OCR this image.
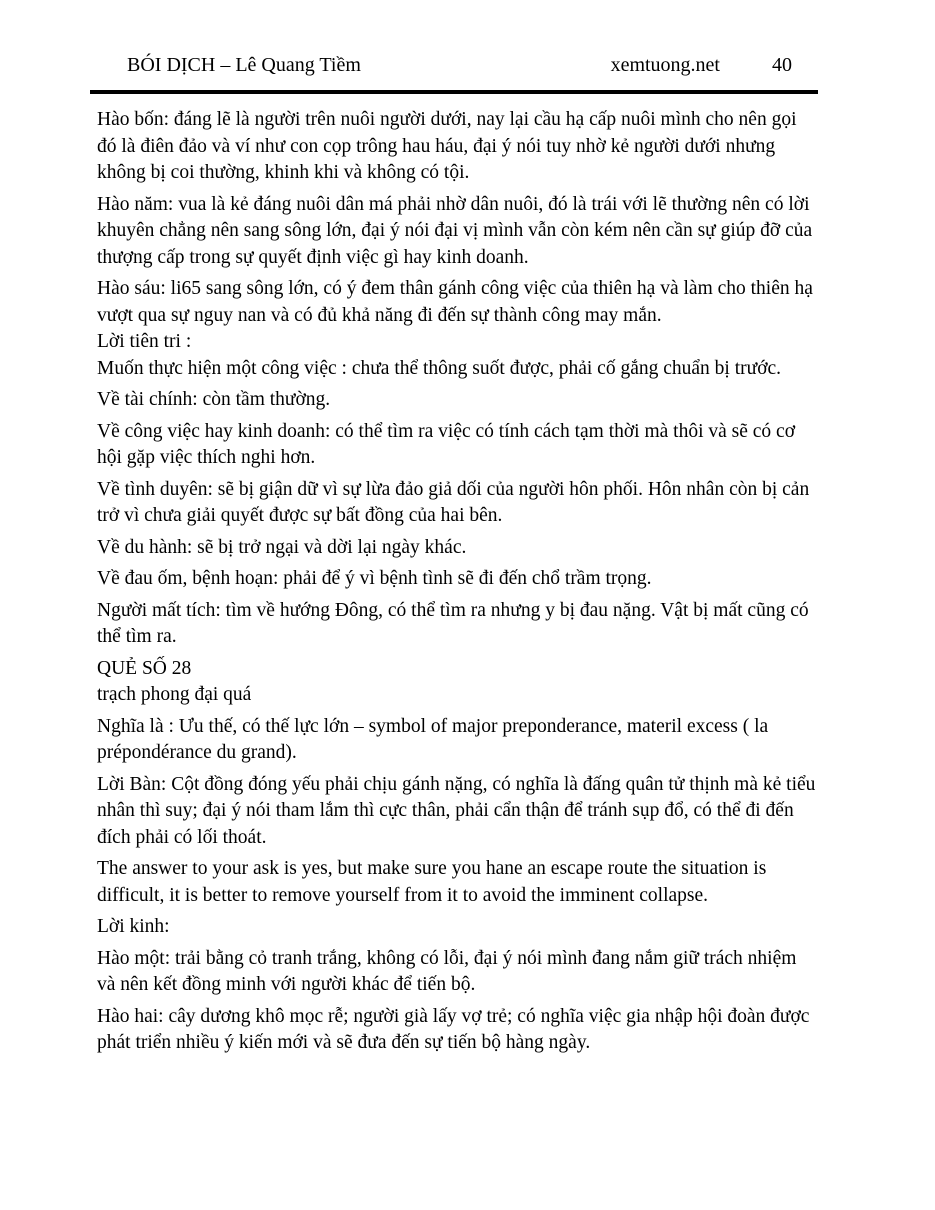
BÓI DỊCH – Lê Quang Tiềm	xemtuong.net	40

Hào bốn: đáng lẽ là người trên nuôi người dưới, nay lại cầu hạ cấp nuôi mình cho nên gọi đó là điên đảo và ví như con cọp trông hau háu, đại ý nói tuy nhờ kẻ người dưới nhưng không bị coi thường, khinh khi và không có tội.

Hào năm: vua là kẻ đáng nuôi dân má phải nhờ dân nuôi, đó là trái với lẽ thường nên có lời khuyên chẳng nên sang sông lớn, đại ý nói đại vị mình vẫn còn kém nên cần sự giúp đỡ của thượng cấp trong sự quyết định việc gì hay kinh doanh.

Hào sáu: li65 sang sông lớn, có ý đem thân gánh công việc của thiên hạ và làm cho thiên hạ vượt qua sự nguy nan và có đủ khả năng đi đến sự thành công may mắn.
Lời tiên tri :
Muốn thực hiện một công việc : chưa thể thông suốt được, phải cố gắng chuẩn bị trước.

Về tài chính: còn tầm thường.

Về công việc hay kinh doanh: có thể tìm ra việc có tính cách tạm thời mà thôi và sẽ có cơ hội gặp việc thích nghi hơn.

Về tình duyên: sẽ bị giận dữ vì sự lừa đảo giả dối của người hôn phối. Hôn nhân còn bị cản trở vì chưa giải quyết được sự bất đồng của hai bên.

Về du hành: sẽ bị trở ngại và dời lại ngày khác.

Về đau ốm, bệnh hoạn: phải để ý vì bệnh tình sẽ đi đến chổ trầm trọng.

Người mất tích: tìm về hướng Đông, có thể tìm ra nhưng y bị đau nặng. Vật bị mất cũng có thể tìm ra.

QUẺ SỐ 28
trạch phong đại quá

Nghĩa là : Ưu thế, có thế lực lớn – symbol of major preponderance, materil excess ( la prépondérance du grand).

Lời Bàn: Cột đồng đóng yếu phải chịu gánh nặng, có nghĩa là đấng quân tử thịnh mà kẻ tiểu nhân thì suy; đại ý nói tham lắm thì cực thân, phải cẩn thận để tránh sụp đổ, có thể đi đến đích phải có lối thoát.

The answer to your ask is yes, but make sure you hane an escape route the situation is difficult, it is better to remove yourself from it to avoid the imminent collapse.

Lời kinh:

Hào một: trải bằng cỏ tranh trắng, không có lỗi, đại ý nói mình đang nắm giữ trách nhiệm và nên kết đồng minh với người khác để tiến bộ.

Hào hai: cây dương khô mọc rễ; người già lấy vợ trẻ; có nghĩa việc gia nhập hội đoàn được phát triển nhiều ý kiến mới và sẽ đưa đến sự tiến bộ hàng ngày.
